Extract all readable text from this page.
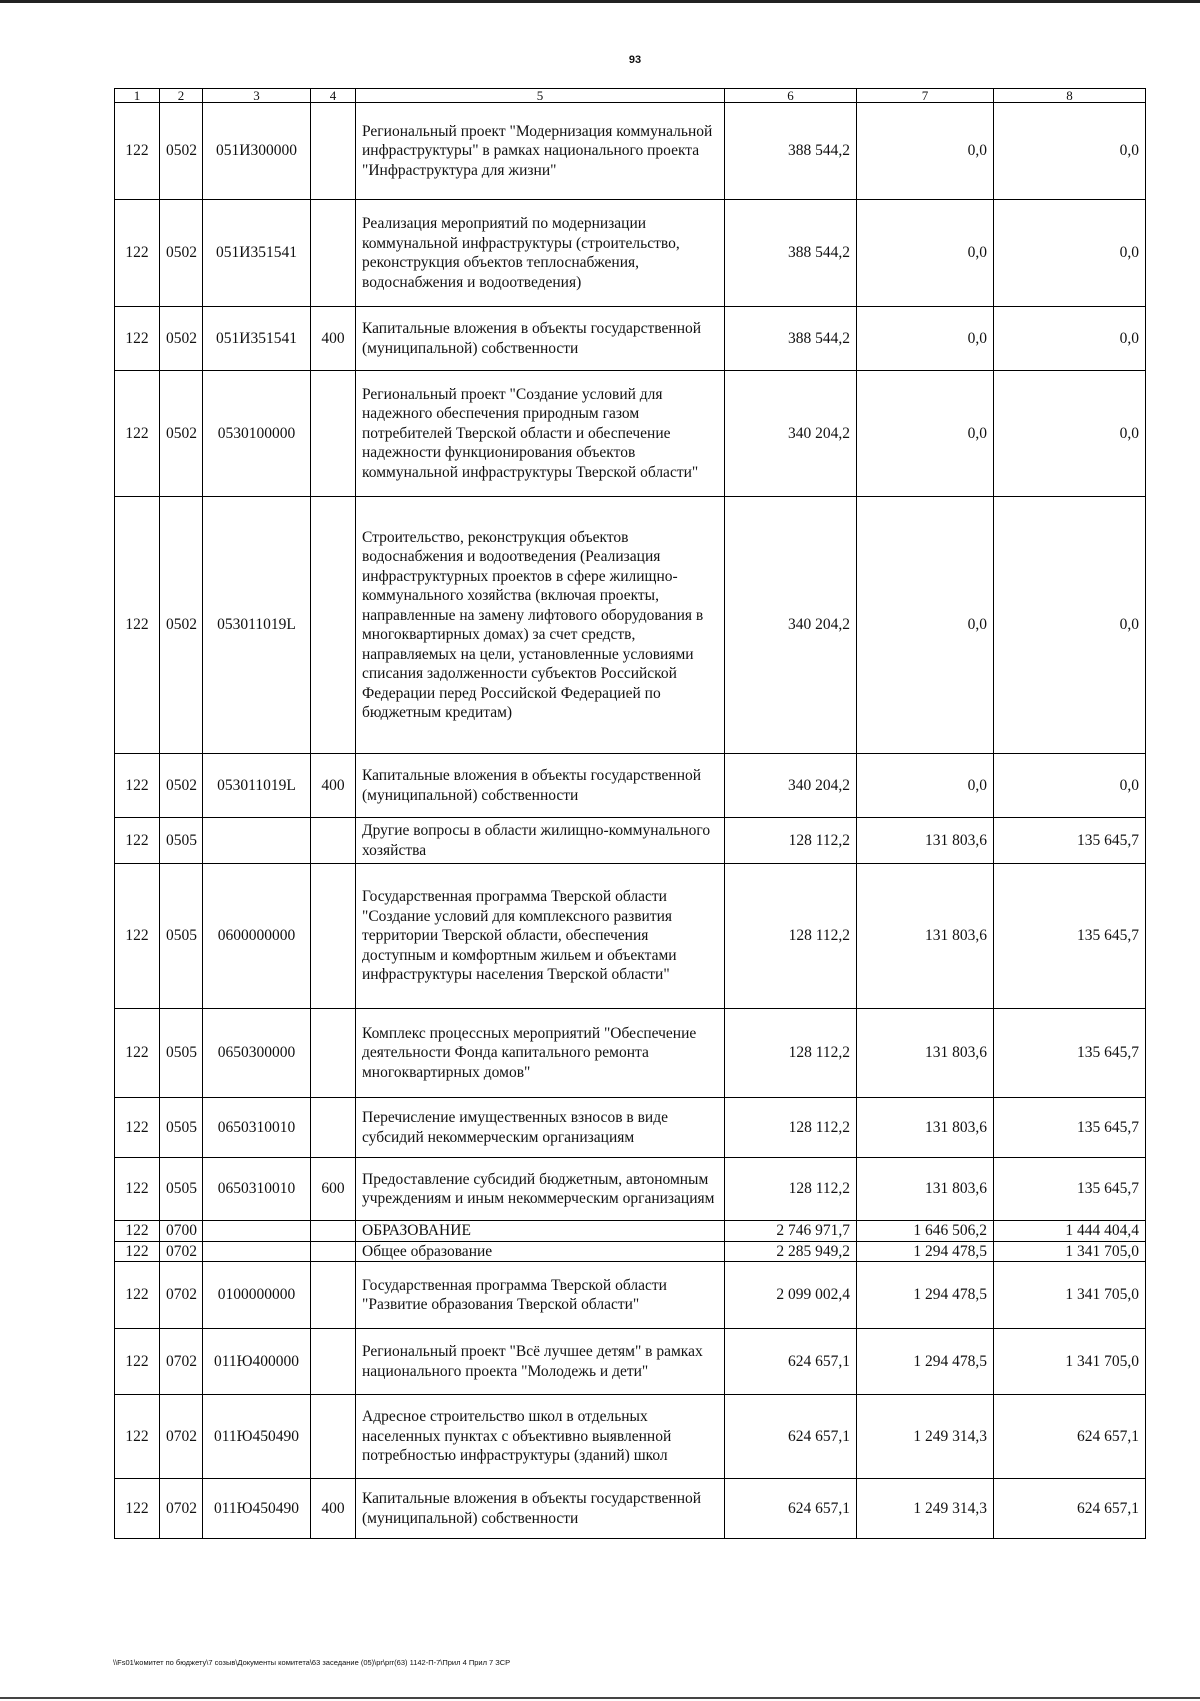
93
1	2	3	4	5	6	7	8
122	0502	051И300000		Региональный проект "Модернизация коммунальной инфраструктуры" в рамках национального проекта "Инфраструктура для жизни"	388 544,2	0,0	0,0
122	0502	051И351541		Реализация мероприятий по модернизации коммунальной инфраструктуры (строительство, реконструкция объектов теплоснабжения, водоснабжения и водоотведения)	388 544,2	0,0	0,0
122	0502	051И351541	400	Капитальные вложения в объекты государственной (муниципальной) собственности	388 544,2	0,0	0,0
122	0502	0530100000		Региональный проект "Создание условий для надежного обеспечения природным газом потребителей Тверской области и обеспечение надежности функционирования объектов коммунальной инфраструктуры Тверской области"	340 204,2	0,0	0,0
122	0502	053011019L		Строительство, реконструкция объектов водоснабжения и водоотведения (Реализация инфраструктурных проектов в сфере жилищно-коммунального хозяйства (включая проекты, направленные на замену лифтового оборудования в многоквартирных домах) за счет средств, направляемых на цели, установленные условиями списания задолженности субъектов Российской Федерации перед Российской Федерацией по бюджетным кредитам)	340 204,2	0,0	0,0
122	0502	053011019L	400	Капитальные вложения в объекты государственной (муниципальной) собственности	340 204,2	0,0	0,0
122	0505			Другие вопросы в области жилищно-коммунального хозяйства	128 112,2	131 803,6	135 645,7
122	0505	0600000000		Государственная программа Тверской области "Создание условий для комплексного развития территории Тверской области, обеспечения доступным и комфортным жильем и объектами инфраструктуры населения Тверской области"	128 112,2	131 803,6	135 645,7
122	0505	0650300000		Комплекс процессных мероприятий "Обеспечение деятельности Фонда капитального ремонта многоквартирных домов"	128 112,2	131 803,6	135 645,7
122	0505	0650310010		Перечисление имущественных взносов в виде субсидий некоммерческим организациям	128 112,2	131 803,6	135 645,7
122	0505	0650310010	600	Предоставление субсидий бюджетным, автономным учреждениям и иным некоммерческим организациям	128 112,2	131 803,6	135 645,7
122	0700			ОБРАЗОВАНИЕ	2 746 971,7	1 646 506,2	1 444 404,4
122	0702			Общее образование	2 285 949,2	1 294 478,5	1 341 705,0
122	0702	0100000000		Государственная программа Тверской области "Развитие образования Тверской области"	2 099 002,4	1 294 478,5	1 341 705,0
122	0702	011Ю400000		Региональный проект "Всё лучшее детям" в рамках национального проекта "Молодежь и дети"	624 657,1	1 294 478,5	1 341 705,0
122	0702	011Ю450490		Адресное строительство школ в отдельных населенных пунктах с объективно выявленной потребностью инфраструктуры (зданий) школ	624 657,1	1 249 314,3	624 657,1
122	0702	011Ю450490	400	Капитальные вложения в объекты государственной (муниципальной) собственности	624 657,1	1 249 314,3	624 657,1
\\Fs01\комитет по бюджету\7 созыв\Документы комитета\63 заседание (05)\pr\prr(63) 1142-П-7\Прил 4 Прил 7 ЗСР
